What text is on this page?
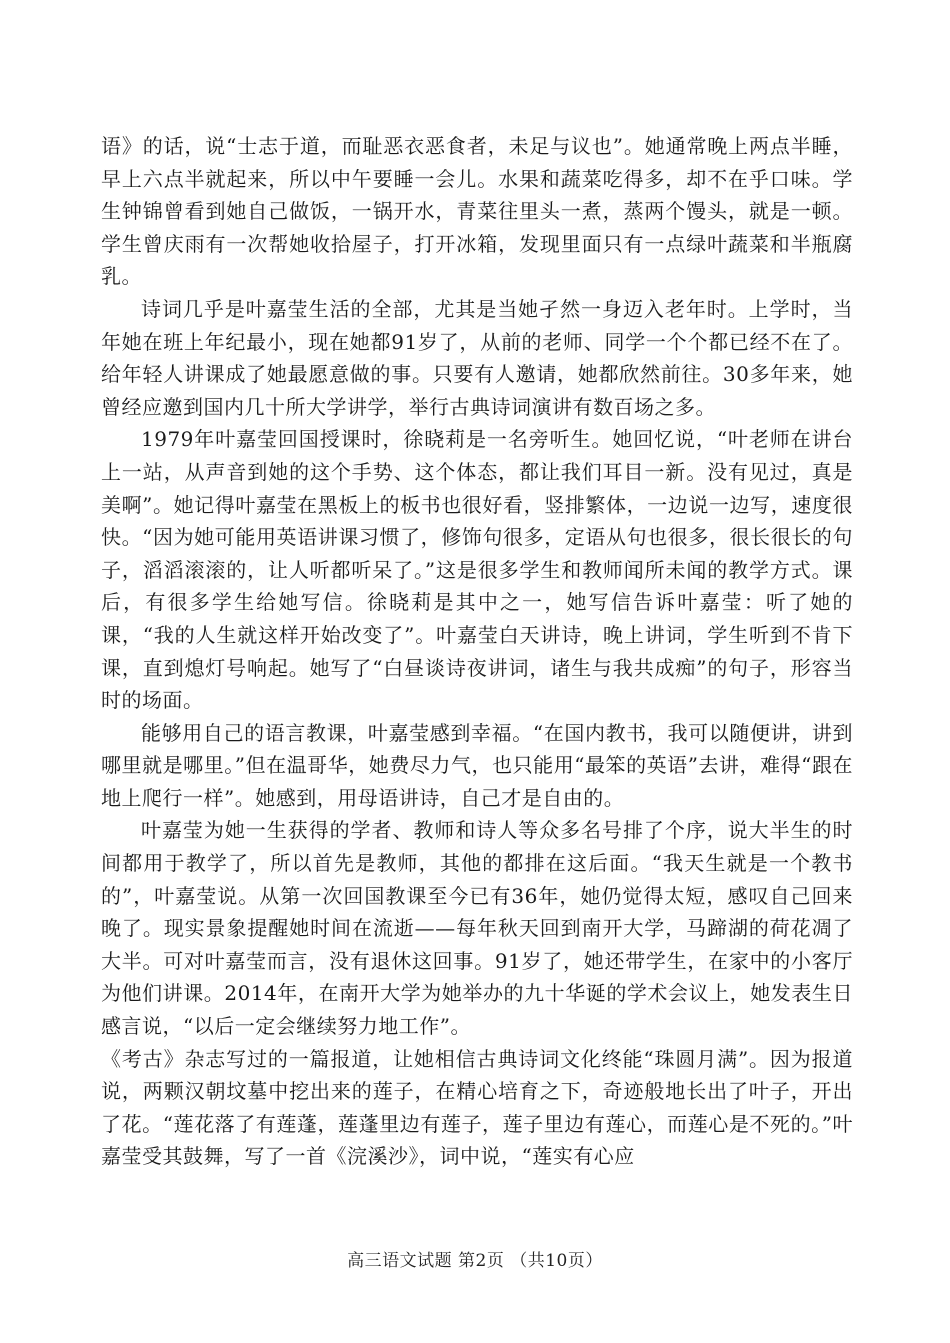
语》的话，说“士志于道，而耻恶衣恶食者，未足与议也”。她通常晚上两点半睡，早上六点半就起来，所以中午要睡一会儿。水果和蔬菜吃得多，却不在乎口味。学生钟锦曾看到她自己做饭，一锅开水，青菜往里头一煮，蒸两个馒头，就是一顿。学生曾庆雨有一次帮她收拾屋子，打开冰箱，发现里面只有一点绿叶蔬菜和半瓶腐乳。

诗词几乎是叶嘉莹生活的全部，尤其是当她孑然一身迈入老年时。上学时，当年她在班上年纪最小，现在她都91岁了，从前的老师、同学一个个都已经不在了。给年轻人讲课成了她最愿意做的事。只要有人邀请，她都欣然前往。30多年来，她曾经应邀到国内几十所大学讲学，举行古典诗词演讲有数百场之多。

1979年叶嘉莹回国授课时，徐晓莉是一名旁听生。她回忆说，“叶老师在讲台上一站，从声音到她的这个手势、这个体态，都让我们耳目一新。没有见过，真是美啊”。她记得叶嘉莹在黑板上的板书也很好看，竖排繁体，一边说一边写，速度很快。“因为她可能用英语讲课习惯了，修饰句很多，定语从句也很多，很长很长的句子，滔滔滚滚的，让人听都听呆了。”这是很多学生和教师闻所未闻的教学方式。课后，有很多学生给她写信。徐晓莉是其中之一，她写信告诉叶嘉莹：听了她的课，“我的人生就这样开始改变了”。叶嘉莹白天讲诗，晚上讲词，学生听到不肯下课，直到熄灯号响起。她写了“白昼谈诗夜讲词，诸生与我共成痴”的句子，形容当时的场面。

能够用自己的语言教课，叶嘉莹感到幸福。“在国内教书，我可以随便讲，讲到哪里就是哪里。”但在温哥华，她费尽力气，也只能用“最笨的英语”去讲，难得“跟在地上爬行一样”。她感到，用母语讲诗，自己才是自由的。

叶嘉莹为她一生获得的学者、教师和诗人等众多名号排了个序，说大半生的时间都用于教学了，所以首先是教师，其他的都排在这后面。“我天生就是一个教书的”，叶嘉莹说。从第一次回国教课至今已有36年，她仍觉得太短，感叹自己回来晚了。现实景象提醒她时间在流逝——每年秋天回到南开大学，马蹄湖的荷花凋了大半。可对叶嘉莹而言，没有退休这回事。91岁了，她还带学生，在家中的小客厅为他们讲课。2014年，在南开大学为她举办的九十华诞的学术会议上，她发表生日感言说，“以后一定会继续努力地工作”。

《考古》杂志写过的一篇报道，让她相信古典诗词文化终能“珠圆月满”。因为报道说，两颗汉朝坟墓中挖出来的莲子，在精心培育之下，奇迹般地长出了叶子，开出了花。“莲花落了有莲蓬，莲蓬里边有莲子，莲子里边有莲心，而莲心是不死的。”叶嘉莹受其鼓舞，写了一首《浣溪沙》，词中说，“莲实有心应

高三语文试题 第2页 （共10页）
